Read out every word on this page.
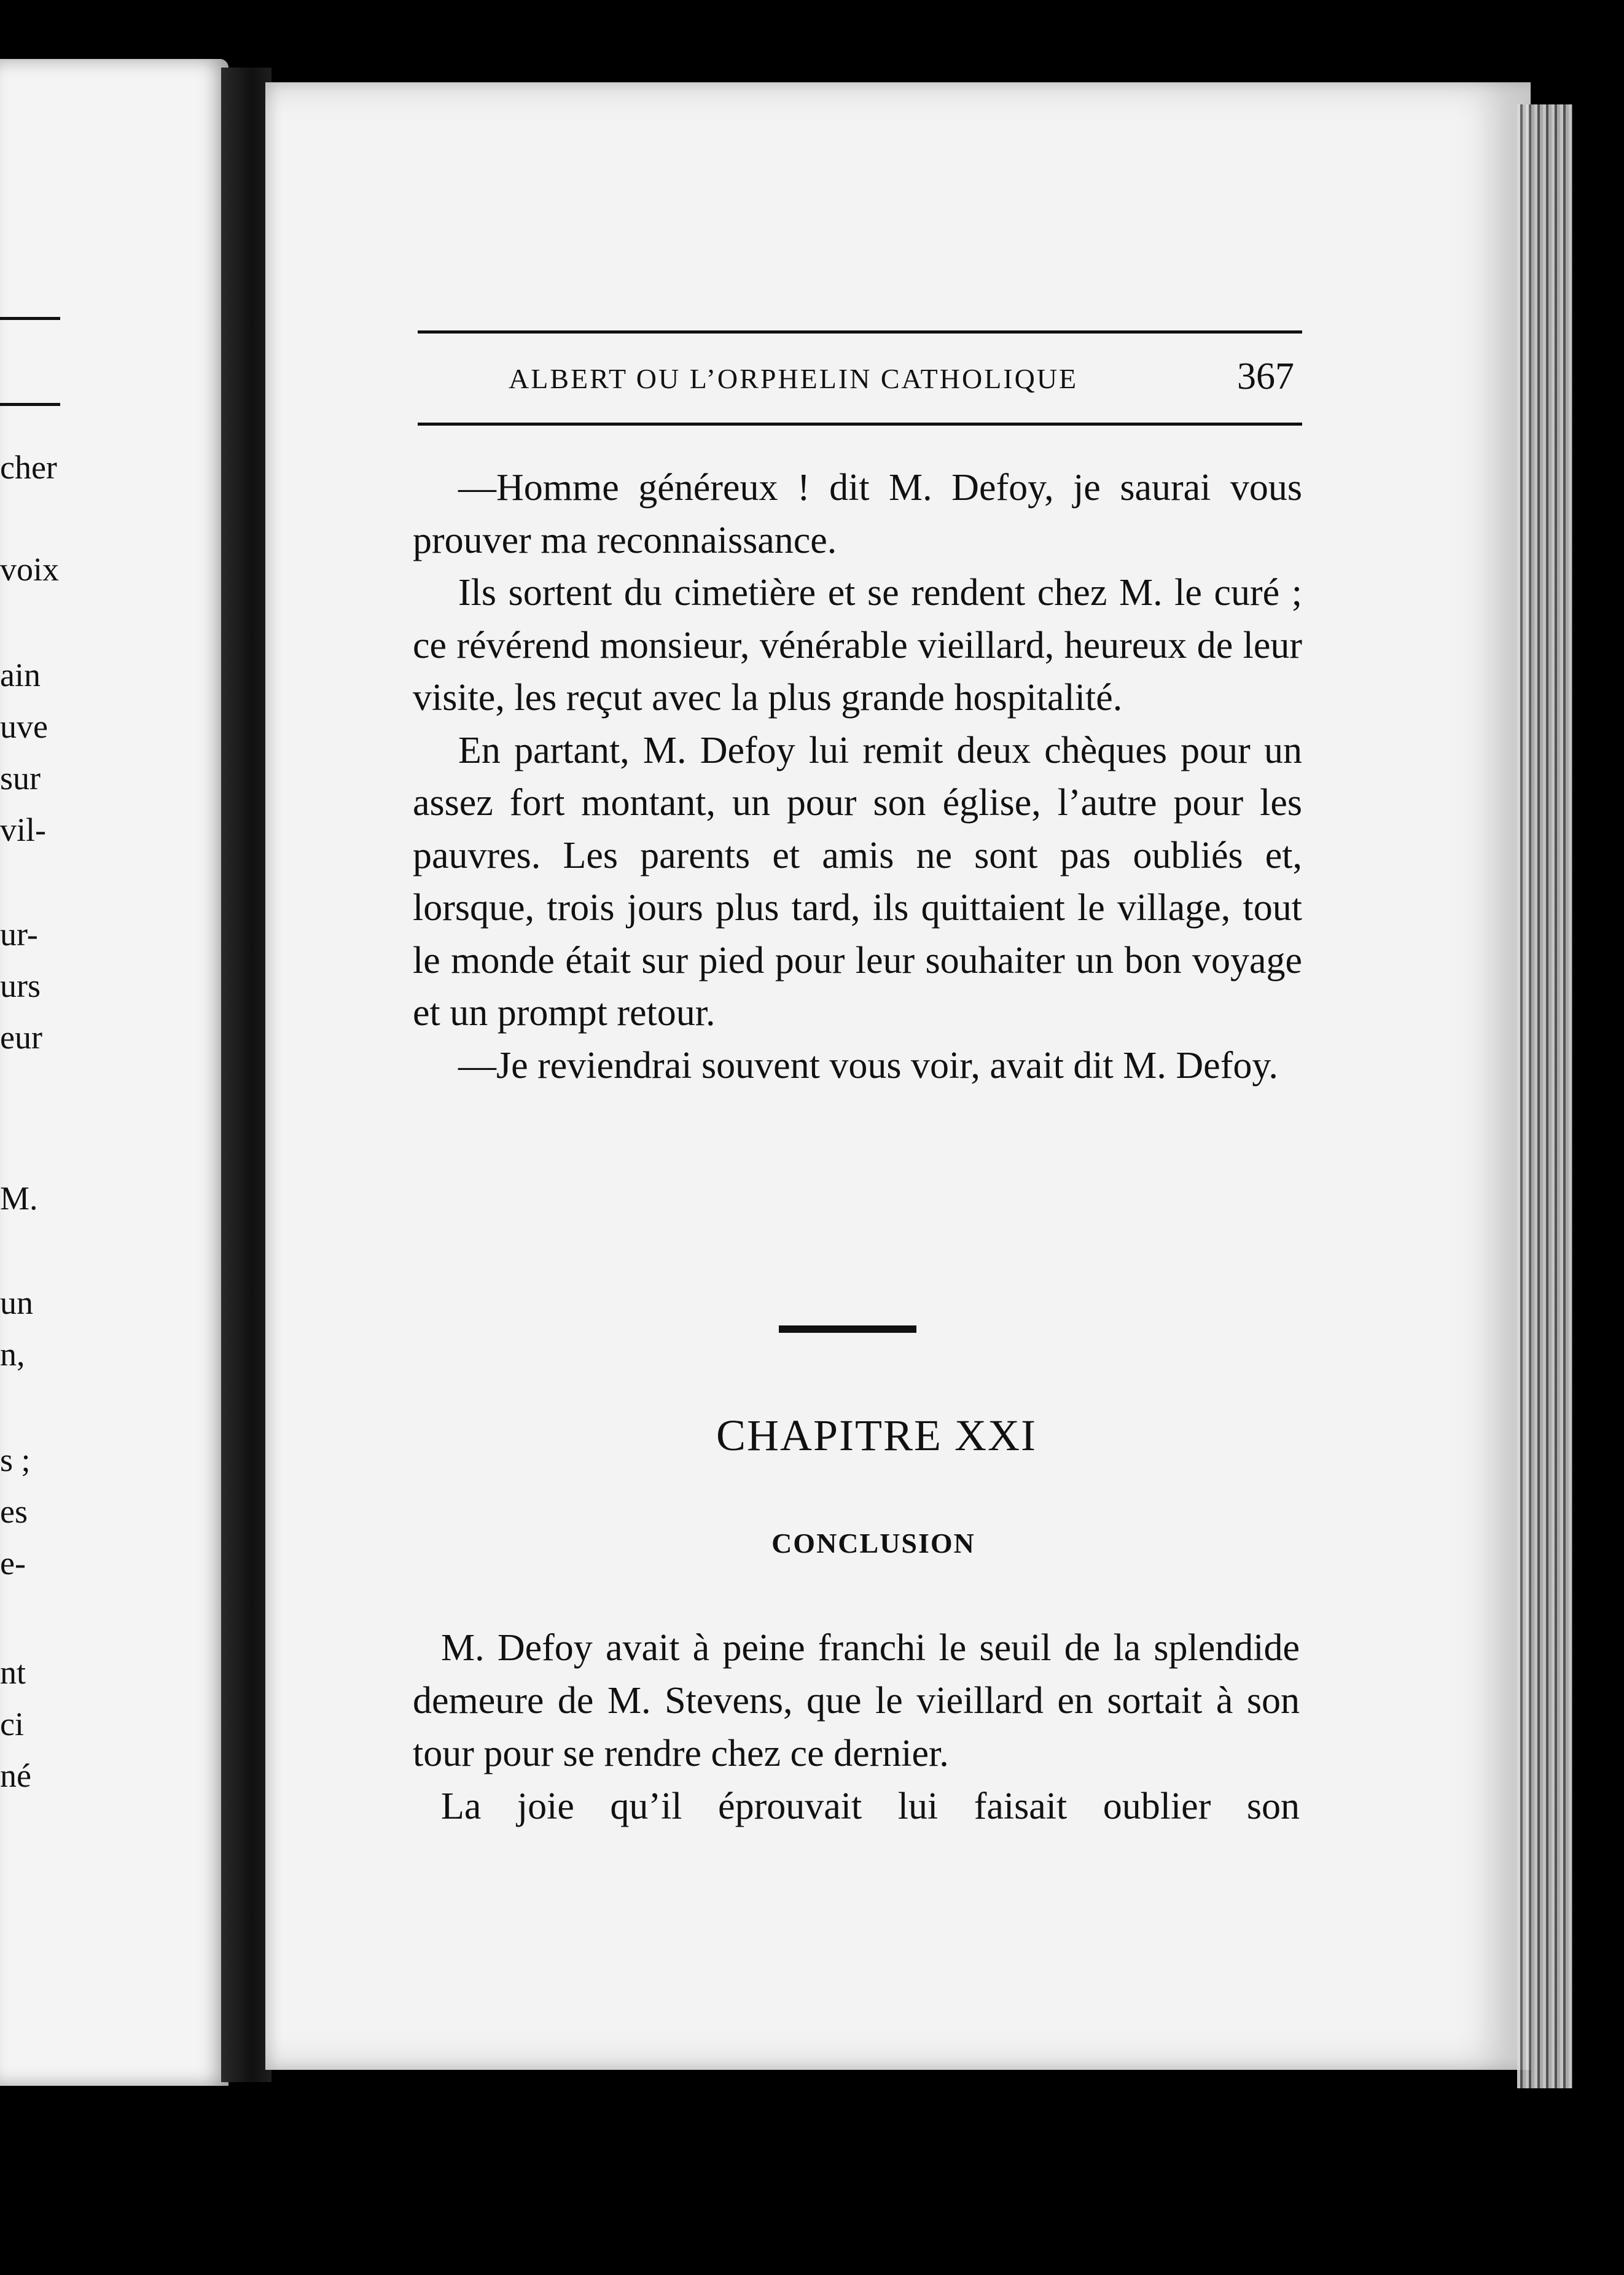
cher
voix
ain
uve
sur
vil-
ur-
urs
eur
M.
un
n,
s ;
es
e-
nt
ci
né
ALBERT OU L’ORPHELIN CATHOLIQUE	367

—Homme généreux ! dit M. Defoy, je saurai vous prouver ma reconnaissance.

Ils sortent du cimetière et se rendent chez M. le curé ; ce révérend monsieur, vénérable vieillard, heureux de leur visite, les reçut avec la plus grande hospitalité.

En partant, M. Defoy lui remit deux chèques pour un assez fort montant, un pour son église, l’autre pour les pauvres. Les parents et amis ne sont pas oubliés et, lorsque, trois jours plus tard, ils quittaient le village, tout le monde était sur pied pour leur souhaiter un bon voyage et un prompt retour.

—Je reviendrai souvent vous voir, avait dit M. Defoy.

CHAPITRE XXI
CONCLUSION

M. Defoy avait à peine franchi le seuil de la splendide demeure de M. Stevens, que le vieillard en sortait à son tour pour se rendre chez ce dernier.

La joie qu’il éprouvait lui faisait oublier son
